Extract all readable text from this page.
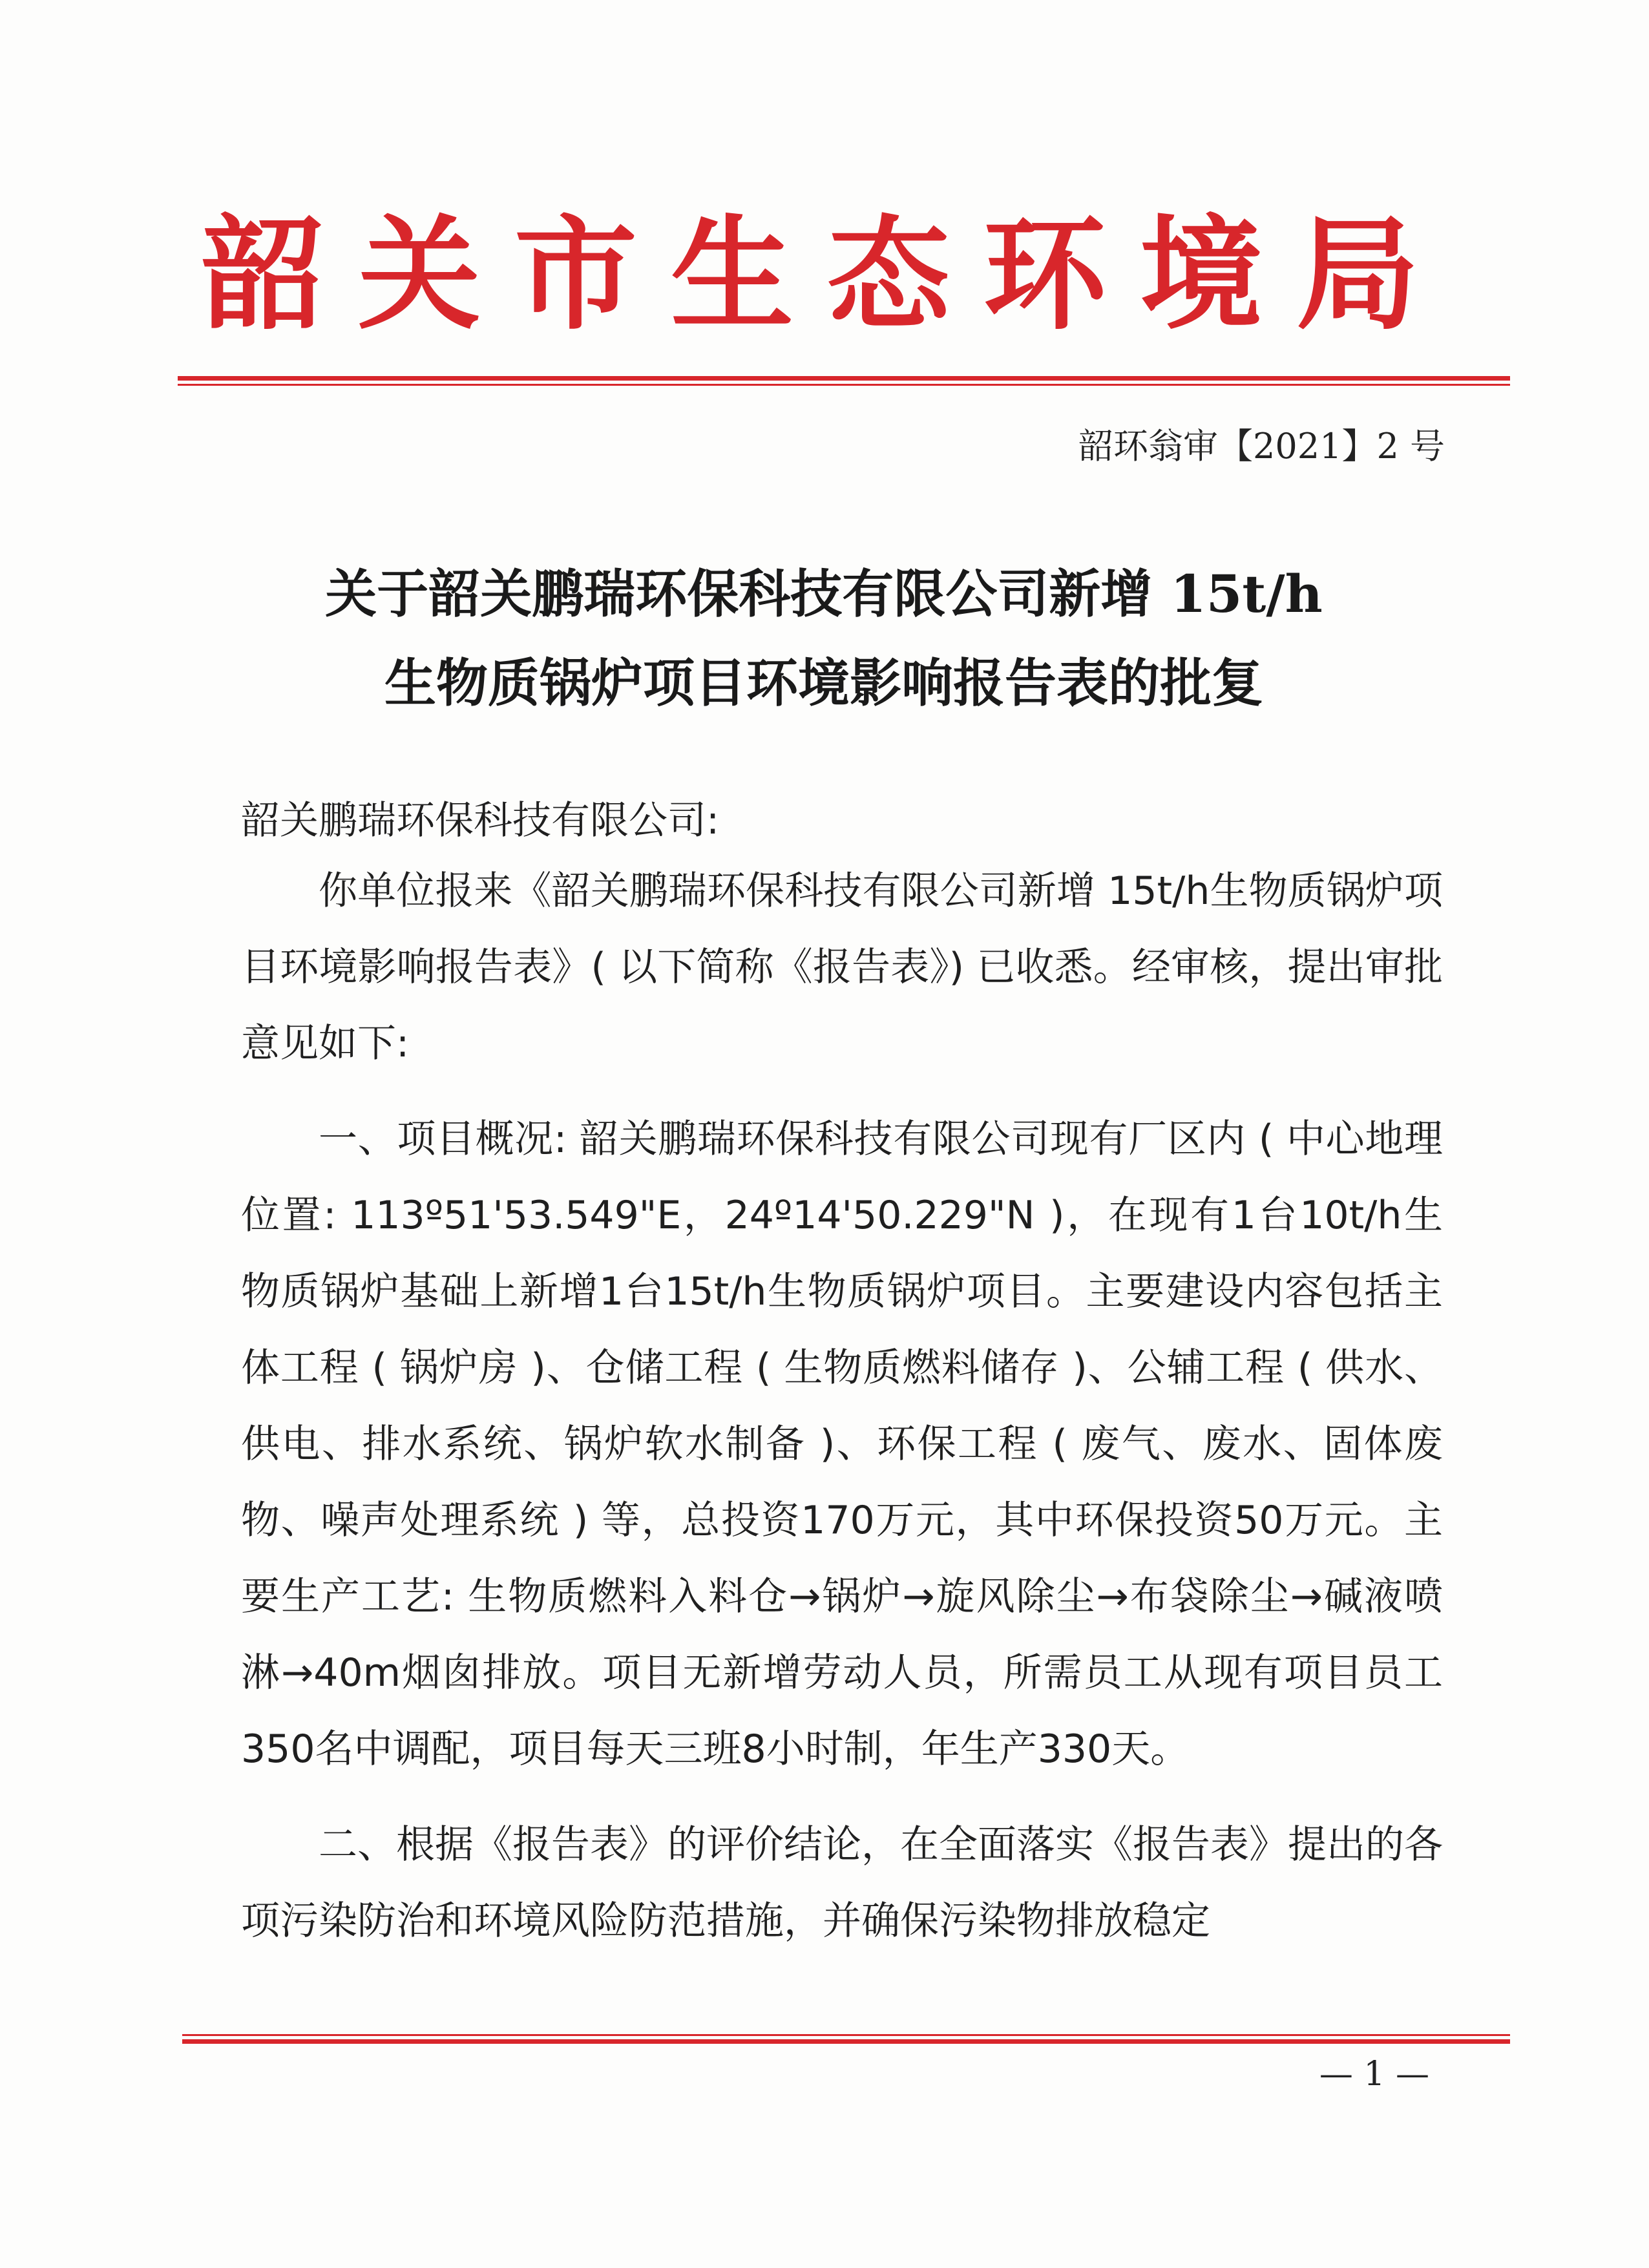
韶关市生态环境局
韶环翁审【2021】2 号
关于韶关鹏瑞环保科技有限公司新增 15t/h
生物质锅炉项目环境影响报告表的批复
韶关鹏瑞环保科技有限公司:

你单位报来《韶关鹏瑞环保科技有限公司新增 15t/h生物质锅炉项目环境影响报告表》( 以下简称《报告表》) 已收悉。经审核，提出审批意见如下:

一、项目概况: 韶关鹏瑞环保科技有限公司现有厂区内 ( 中心地理位置: 113º51'53.549"E，24º14'50.229"N )，在现有1台10t/h生物质锅炉基础上新增1台15t/h生物质锅炉项目。主要建设内容包括主体工程 ( 锅炉房 )、仓储工程 ( 生物质燃料储存 )、公辅工程 ( 供水、供电、排水系统、锅炉软水制备 )、环保工程 ( 废气、废水、固体废物、噪声处理系统 ) 等，总投资170万元，其中环保投资50万元。主要生产工艺: 生物质燃料入料仓→锅炉→旋风除尘→布袋除尘→碱液喷淋→40m烟囱排放。项目无新增劳动人员，所需员工从现有项目员工350名中调配，项目每天三班8小时制，年生产330天。

二、根据《报告表》的评价结论，在全面落实《报告表》提出的各项污染防治和环境风险防范措施，并确保污染物排放稳定

— 1 —
